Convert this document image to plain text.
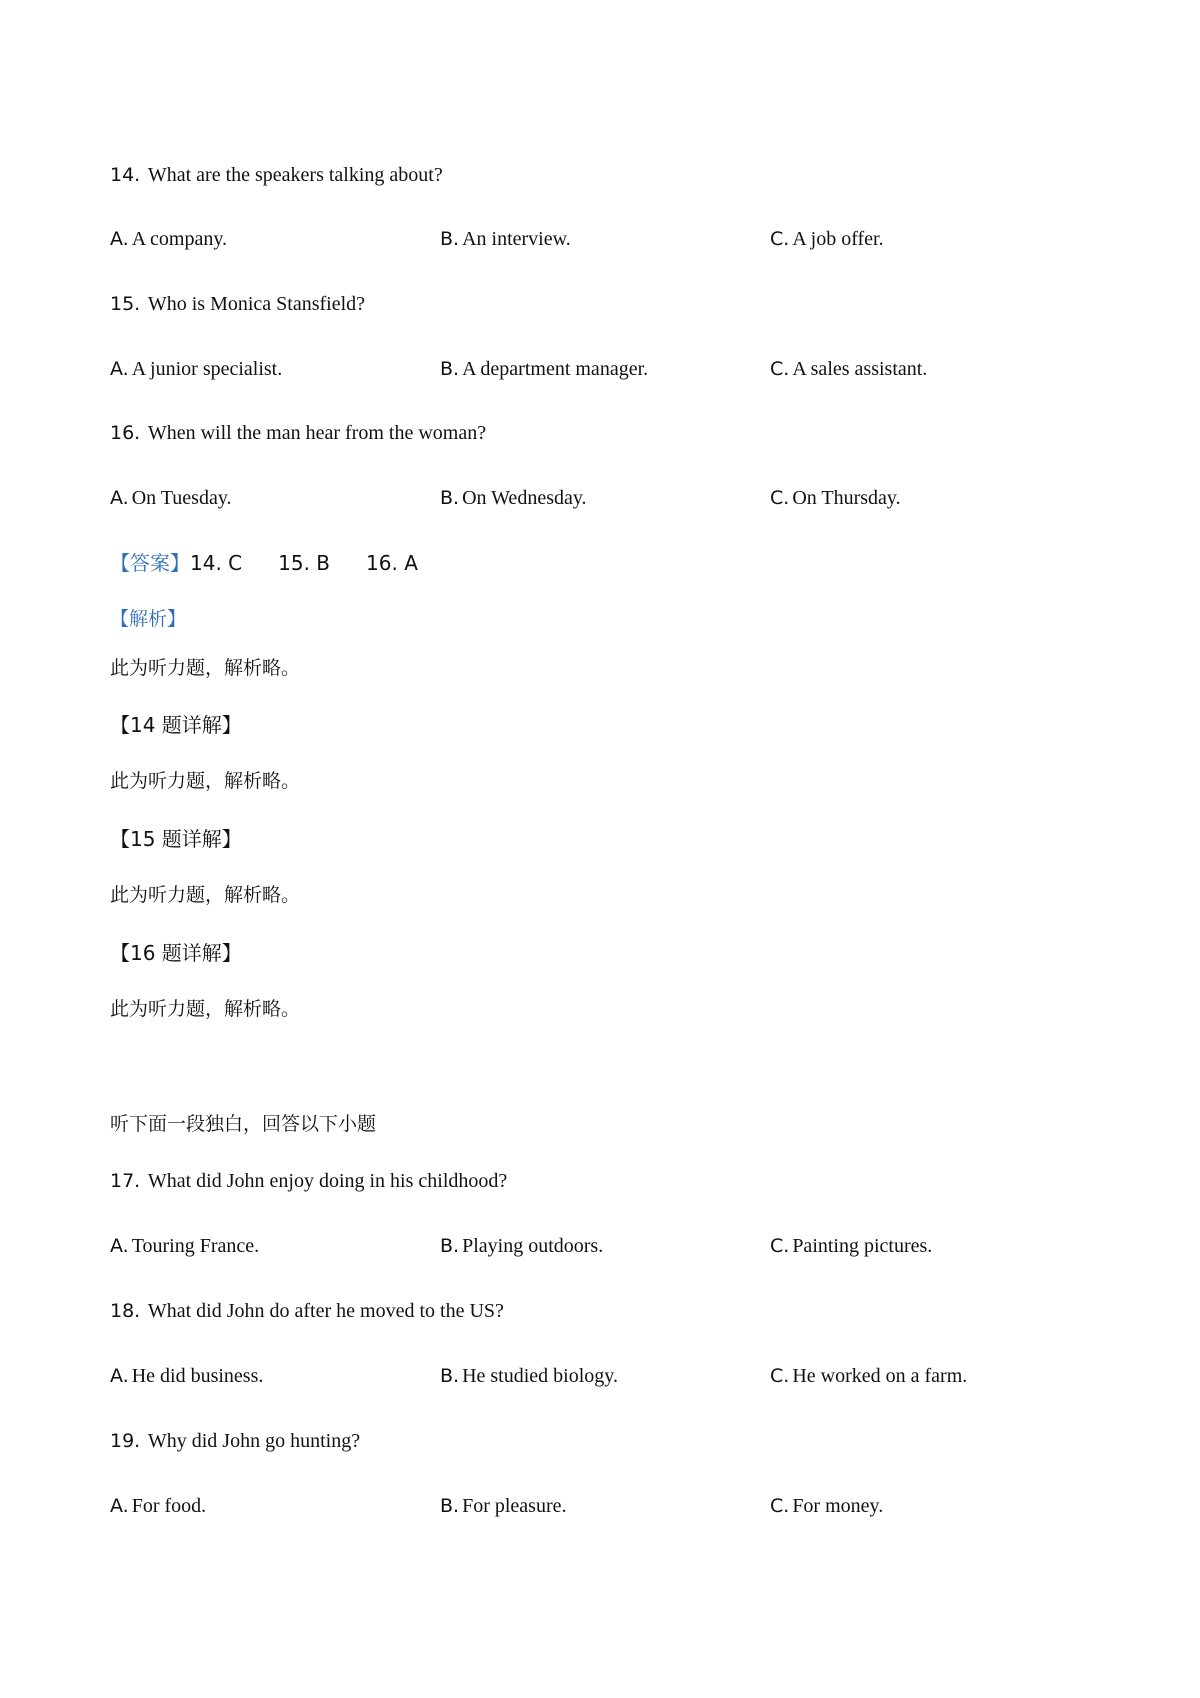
14. What are the speakers talking about?
A. A company.	B. An interview.	C. A job offer.
15. Who is Monica Stansfield?
A. A junior specialist.	B. A department manager.	C. A sales assistant.
16. When will the man hear from the woman?
A. On Tuesday.	B. On Wednesday.	C. On Thursday.
【答案】14. C 15. B 16. A
【解析】
此为听力题，解析略。
【14 题详解】
此为听力题，解析略。
【15 题详解】
此为听力题，解析略。
【16 题详解】
此为听力题，解析略。
听下面一段独白，回答以下小题
17. What did John enjoy doing in his childhood?
A. Touring France.	B. Playing outdoors.	C. Painting pictures.
18. What did John do after he moved to the US?
A. He did business.	B. He studied biology.	C. He worked on a farm.
19. Why did John go hunting?
A. For food.	B. For pleasure.	C. For money.
